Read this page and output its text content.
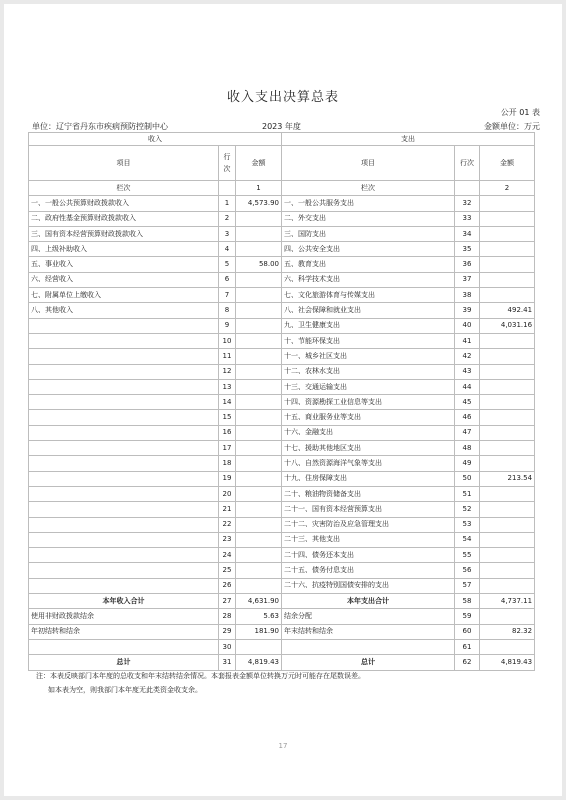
收入支出决算总表
公开 01 表
单位：辽宁省丹东市疾病预防控制中心	2023 年度	金额单位：万元
收入			支出		
项目	行次	金额	项目	行次	金额
栏次		1	栏次		2
一、一般公共预算财政拨款收入	1	4,573.90	一、一般公共服务支出	32	
二、政府性基金预算财政拨款收入	2		二、外交支出	33	
三、国有资本经营预算财政拨款收入	3		三、国防支出	34	
四、上级补助收入	4		四、公共安全支出	35	
五、事业收入	5	58.00	五、教育支出	36	
六、经营收入	6		六、科学技术支出	37	
七、附属单位上缴收入	7		七、文化旅游体育与传媒支出	38	
八、其他收入	8		八、社会保障和就业支出	39	492.41
	9		九、卫生健康支出	40	4,031.16
	10		十、节能环保支出	41	
	11		十一、城乡社区支出	42	
	12		十二、农林水支出	43	
	13		十三、交通运输支出	44	
	14		十四、资源勘探工业信息等支出	45	
	15		十五、商业服务业等支出	46	
	16		十六、金融支出	47	
	17		十七、援助其他地区支出	48	
	18		十八、自然资源海洋气象等支出	49	
	19		十九、住房保障支出	50	213.54
	20		二十、粮油物资储备支出	51	
	21		二十一、国有资本经营预算支出	52	
	22		二十二、灾害防治及应急管理支出	53	
	23		二十三、其他支出	54	
	24		二十四、债务还本支出	55	
	25		二十五、债务付息支出	56	
	26		二十六、抗疫特别国债安排的支出	57	
本年收入合计	27	4,631.90	本年支出合计	58	4,737.11
使用非财政拨款结余	28	5.63	结余分配	59	
年初结转和结余	29	181.90	年末结转和结余	60	82.32
	30			61	
总计	31	4,819.43	总计	62	4,819.43
注：本表反映部门本年度的总收支和年末结转结余情况。本套报表金额单位转换万元时可能存在尾数误差。
如本表为空，则我部门本年度无此类资金收支余。
17
